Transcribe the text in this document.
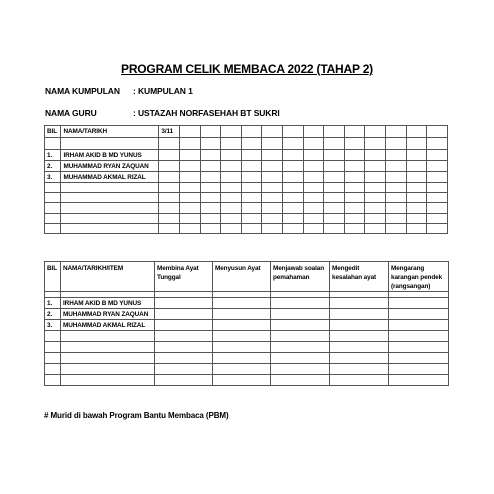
PROGRAM CELIK MEMBACA 2022 (TAHAP 2)
NAMA KUMPULAN : KUMPULAN 1
NAMA GURU	: USTAZAH NORFASEHAH BT SUKRI
BIL	NAMA/TARIKH	3/11													

1.	IRHAM AKID B MD YUNUS														
2.	MUHAMMAD RYAN ZAQUAN														
3.	MUHAMMAD AKMAL RIZAL														

BIL	NAMA/TARIKH/ITEM	Membina Ayat Tunggal	Menyusun Ayat	Menjawab soalan pemahaman	Mengedit kesalahan ayat	Mengarang karangan pendek (rangsangan)

1.	IRHAM AKID B MD YUNUS					
2.	MUHAMMAD RYAN ZAQUAN					
3.	MUHAMMAD AKMAL RIZAL					

# Murid di bawah Program Bantu Membaca (PBM)
